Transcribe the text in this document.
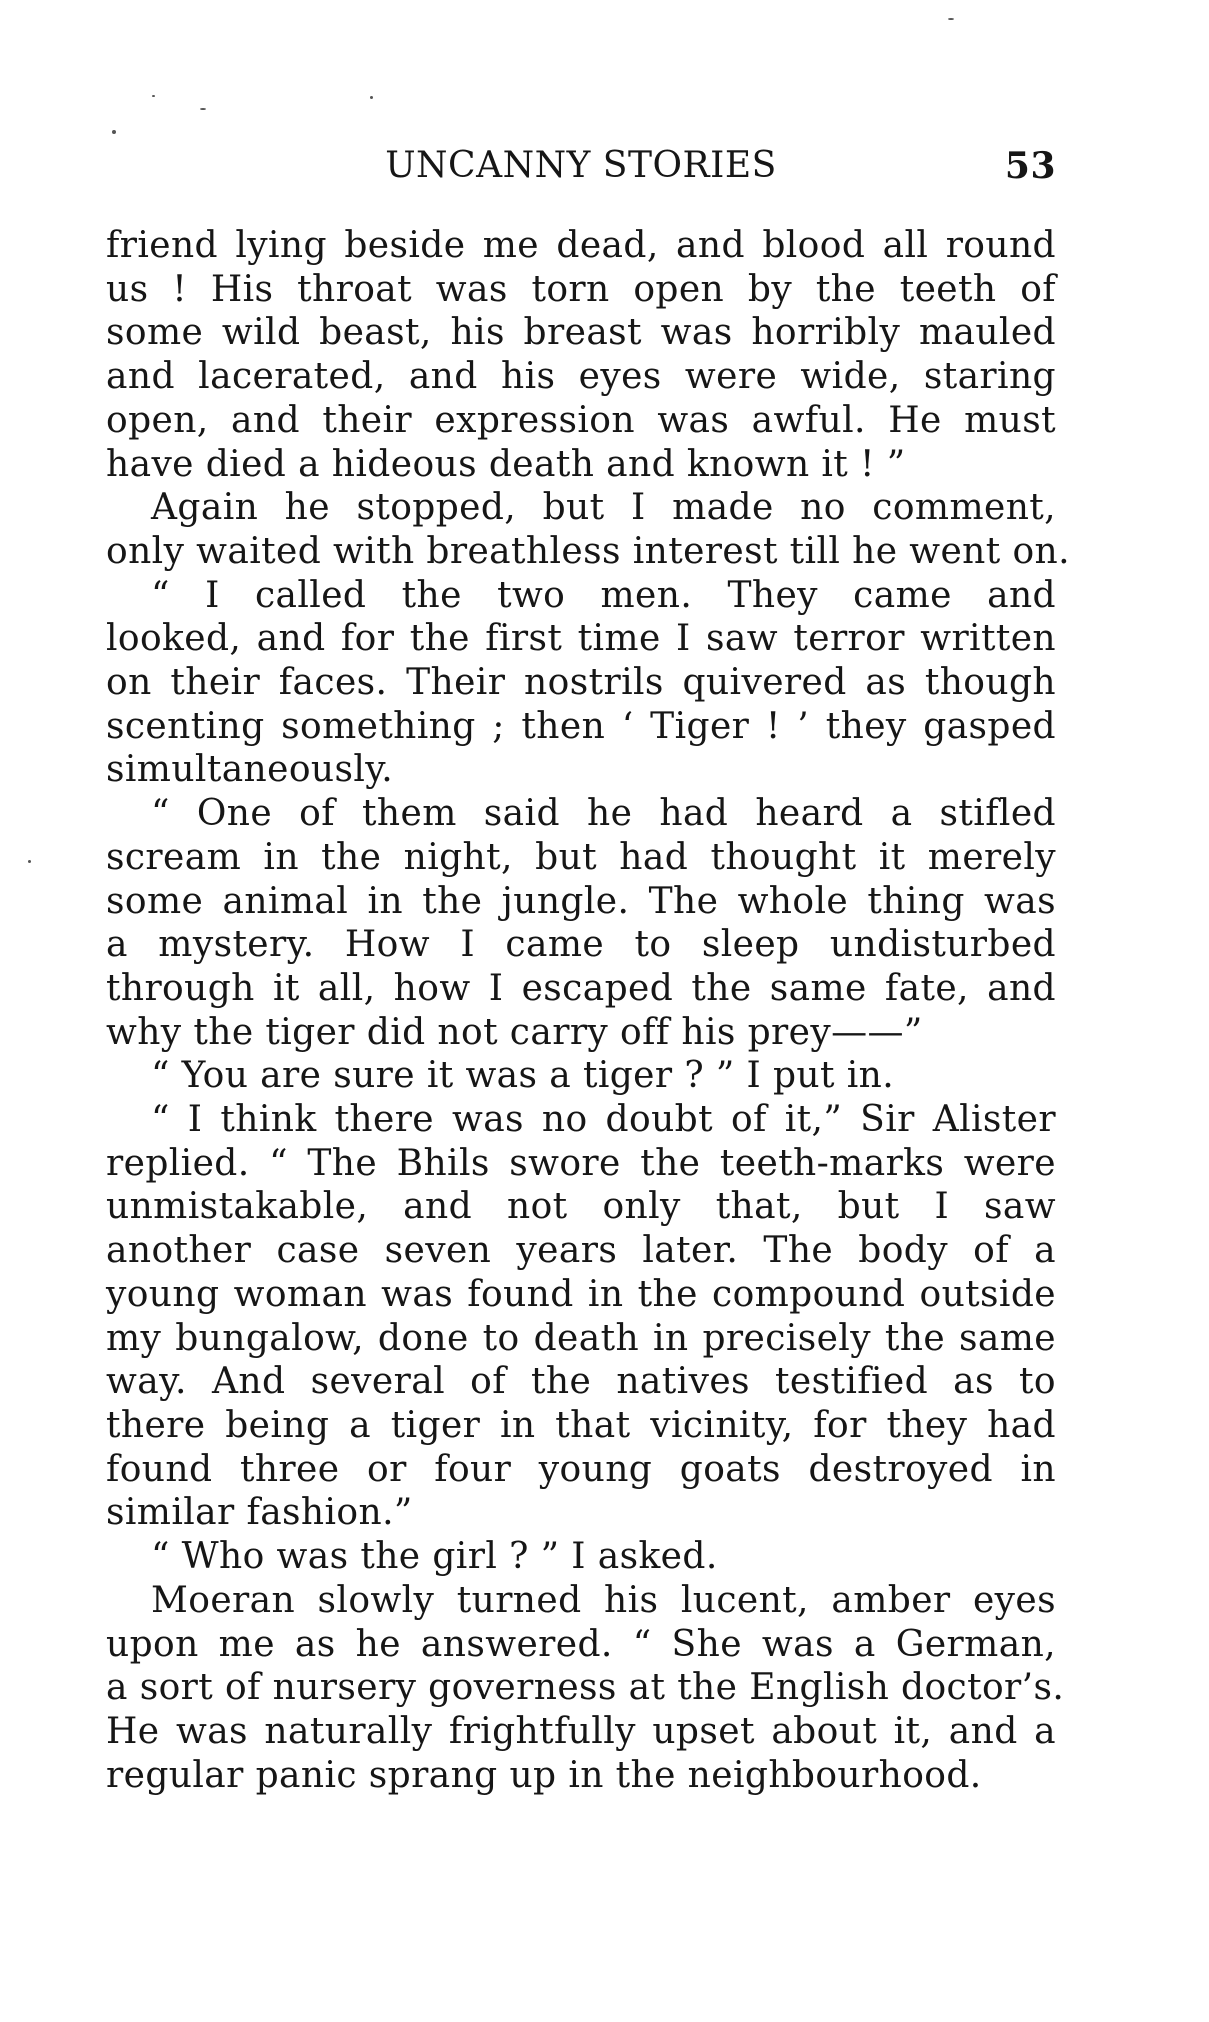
UNCANNY STORIES	53
friend lying beside me dead, and blood all round
us ! His throat was torn open by the teeth of
some wild beast, his breast was horribly mauled
and lacerated, and his eyes were wide, staring
open, and their expression was awful. He must
have died a hideous death and known it ! ”
Again he stopped, but I made no comment,
only waited with breathless interest till he went on.
“ I called the two men. They came and
looked, and for the first time I saw terror written
on their faces. Their nostrils quivered as though
scenting something ; then ‘ Tiger ! ’ they gasped
simultaneously.
“ One of them said he had heard a stifled
scream in the night, but had thought it merely
some animal in the jungle. The whole thing was
a mystery. How I came to sleep undisturbed
through it all, how I escaped the same fate, and
why the tiger did not carry off his prey——”
“ You are sure it was a tiger ? ” I put in.
“ I think there was no doubt of it,” Sir Alister
replied. “ The Bhils swore the teeth-marks were
unmistakable, and not only that, but I saw
another case seven years later. The body of a
young woman was found in the compound outside
my bungalow, done to death in precisely the same
way. And several of the natives testified as to
there being a tiger in that vicinity, for they had
found three or four young goats destroyed in
similar fashion.”
“ Who was the girl ? ” I asked.
Moeran slowly turned his lucent, amber eyes
upon me as he answered. “ She was a German,
a sort of nursery governess at the English doctor’s.
He was naturally frightfully upset about it, and a
regular panic sprang up in the neighbourhood.
